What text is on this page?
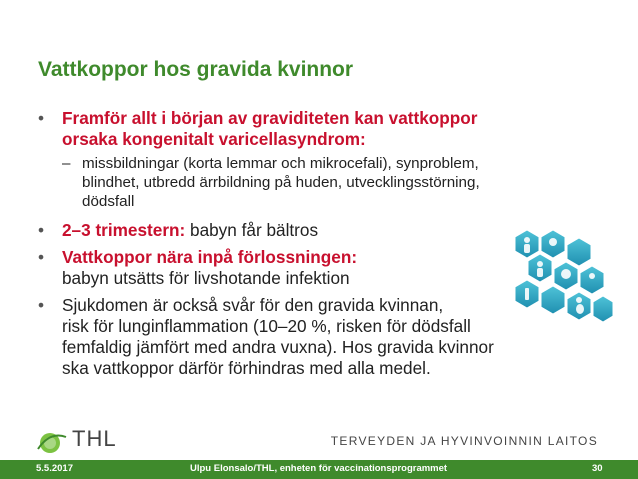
Vattkoppor hos gravida kvinnor
• Framför allt i början av graviditeten kan vattkoppor
orsaka kongenitalt varicellasyndrom:
– missbildningar (korta lemmar och mikrocefali), synproblem,
blindhet, utbredd ärrbildning på huden, utvecklingsstörning,
dödsfall
• 2–3 trimestern: babyn får bältros
• Vattkoppor nära inpå förlossningen:
babyn utsätts för livshotande infektion
• Sjukdomen är också svår för den gravida kvinnan,
risk för lunginflammation (10–20 %, risken för dödsfall
femfaldig jämfört med andra vuxna). Hos gravida kvinnor
ska vattkoppor därför förhindras med alla medel.
THL	TERVEYDEN JA HYVINVOINNIN LAITOS
5.5.2017	Ulpu Elonsalo/THL, enheten för vaccinationsprogrammet	30
